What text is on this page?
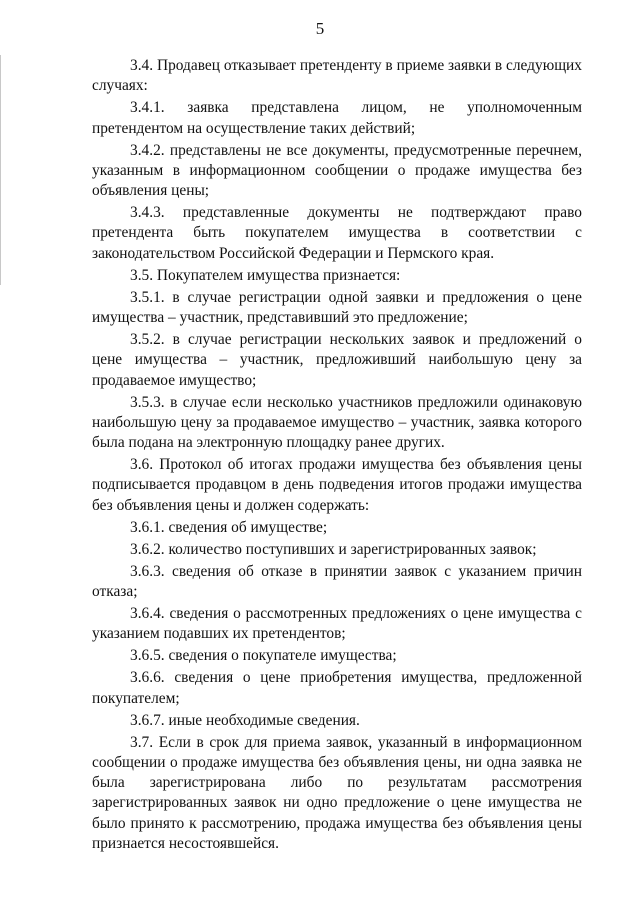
5

3.4. Продавец отказывает претенденту в приеме заявки в следующих случаях:

3.4.1. заявка представлена лицом, не уполномоченным претендентом на осуществление таких действий;

3.4.2. представлены не все документы, предусмотренные перечнем, указанным в информационном сообщении о продаже имущества без объявления цены;

3.4.3. представленные документы не подтверждают право претендента быть покупателем имущества в соответствии с законодательством Российской Федерации и Пермского края.

3.5. Покупателем имущества признается:

3.5.1. в случае регистрации одной заявки и предложения о цене имущества – участник, представивший это предложение;

3.5.2. в случае регистрации нескольких заявок и предложений о цене имущества – участник, предложивший наибольшую цену за продаваемое имущество;

3.5.3. в случае если несколько участников предложили одинаковую наибольшую цену за продаваемое имущество – участник, заявка которого была подана на электронную площадку ранее других.

3.6. Протокол об итогах продажи имущества без объявления цены подписывается продавцом в день подведения итогов продажи имущества без объявления цены и должен содержать:

3.6.1. сведения об имуществе;

3.6.2. количество поступивших и зарегистрированных заявок;

3.6.3. сведения об отказе в принятии заявок с указанием причин отказа;

3.6.4. сведения о рассмотренных предложениях о цене имущества с указанием подавших их претендентов;

3.6.5. сведения о покупателе имущества;

3.6.6. сведения о цене приобретения имущества, предложенной покупателем;

3.6.7. иные необходимые сведения.

3.7. Если в срок для приема заявок, указанный в информационном сообщении о продаже имущества без объявления цены, ни одна заявка не была зарегистрирована либо по результатам рассмотрения зарегистрированных заявок ни одно предложение о цене имущества не было принято к рассмотрению, продажа имущества без объявления цены признается несостоявшейся.
